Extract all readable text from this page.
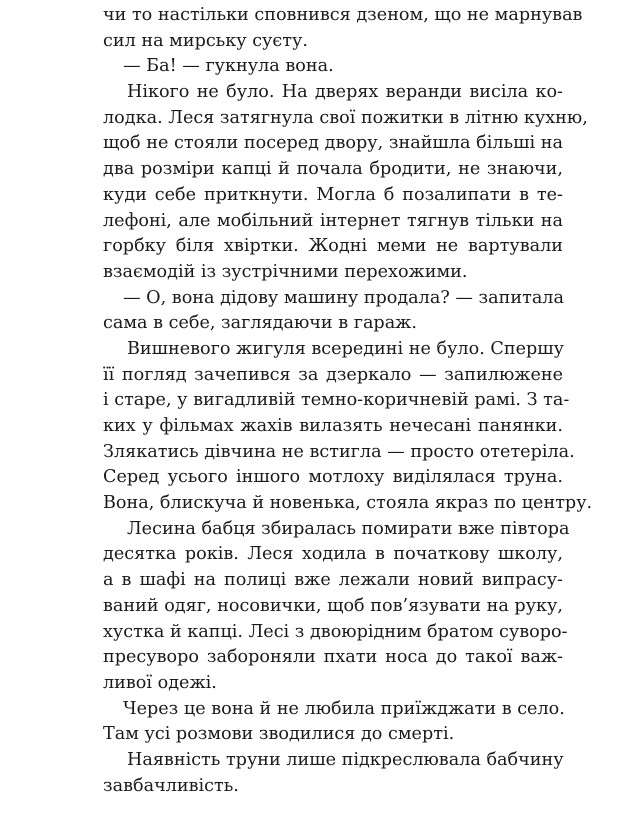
чи то настільки сповнився дзеном, що не марнував
сил на мирську суєту.
— Ба! — гукнула вона.
Нікого не було. На дверях веранди висіла ко-
лодка. Леся затягнула свої пожитки в літню кухню,
щоб не стояли посеред двору, знайшла більші на
два розміри капці й почала бродити, не знаючи,
куди себе приткнути. Могла б позалипати в те-
лефоні, але мобільний інтернет тягнув тільки на
горбку біля хвіртки. Жодні меми не вартували
взаємодій із зустрічними перехожими.
— О, вона дідову машину продала? — запитала
сама в себе, заглядаючи в гараж.
Вишневого жигуля всередині не було. Спершу
її погляд зачепився за дзеркало — запилюжене
і старе, у вигадливій темно-коричневій рамі. З та-
ких у фільмах жахів вилазять нечесані панянки.
Злякатись дівчина не встигла — просто отетеріла.
Серед усього іншого мотлоху виділялася труна.
Вона, блискуча й новенька, стояла якраз по центру.
Лесина бабця збиралась помирати вже півтора
десятка років. Леся ходила в початкову школу,
а в шафі на полиці вже лежали новий випрасу-
ваний одяг, носовички, щоб пов’язувати на руку,
хустка й капці. Лесі з двоюрідним братом суворо-
пресуворо забороняли пхати носа до такої важ-
ливої одежі.
Через це вона й не любила приїжджати в село.
Там усі розмови зводилися до смерті.
Наявність труни лише підкреслювала бабчину
завбачливість.
